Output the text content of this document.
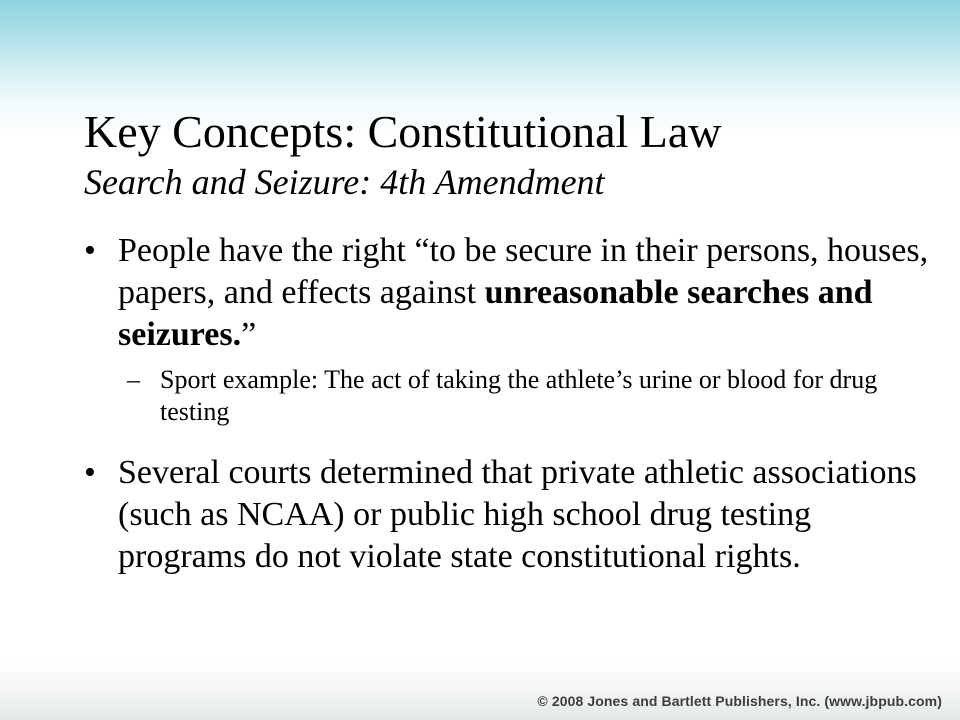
Key Concepts: Constitutional Law
Search and Seizure: 4th Amendment
• People have the right “to be secure in their persons, houses, papers, and effects against unreasonable searches and seizures.”
– Sport example: The act of taking the athlete’s urine or blood for drug testing
• Several courts determined that private athletic associations (such as NCAA) or public high school drug testing programs do not violate state constitutional rights.
© 2008 Jones and Bartlett Publishers, Inc. (www.jbpub.com)
